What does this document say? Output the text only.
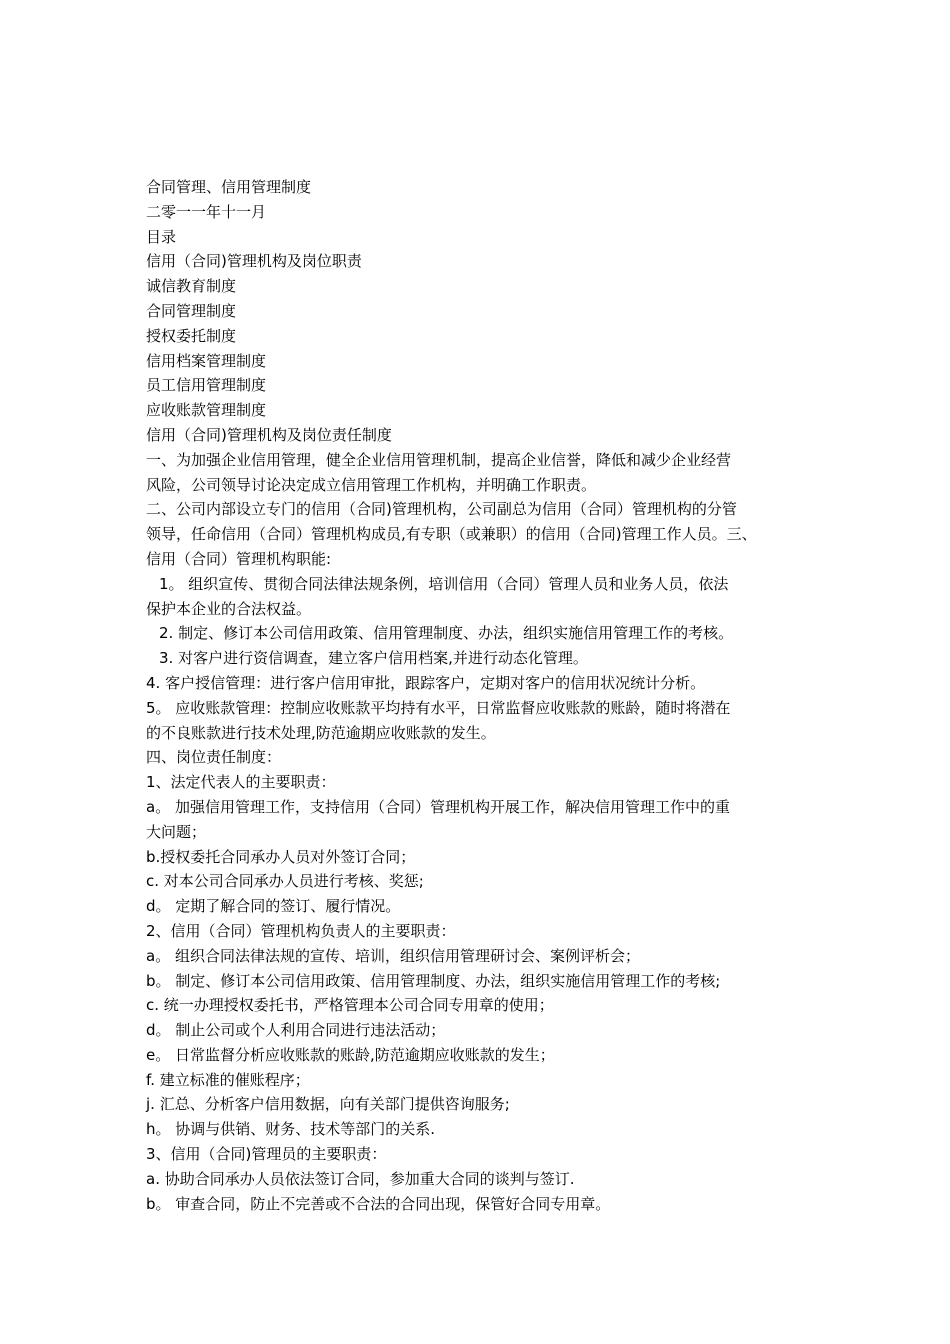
合同管理、信用管理制度
二零一一年十一月
目录
信用（合同)管理机构及岗位职责
诚信教育制度
合同管理制度
授权委托制度
信用档案管理制度
员工信用管理制度
应收账款管理制度
信用（合同)管理机构及岗位责任制度
一、为加强企业信用管理，健全企业信用管理机制，提高企业信誉，降低和减少企业经营
风险，公司领导讨论决定成立信用管理工作机构，并明确工作职责。
二、公司内部设立专门的信用（合同)管理机构，公司副总为信用（合同）管理机构的分管
领导，任命信用（合同）管理机构成员,有专职（或兼职）的信用（合同)管理工作人员。三、
信用（合同）管理机构职能:
1。 组织宣传、贯彻合同法律法规条例，培训信用（合同）管理人员和业务人员，依法
保护本企业的合法权益。
2. 制定、修订本公司信用政策、信用管理制度、办法，组织实施信用管理工作的考核。
3. 对客户进行资信调查，建立客户信用档案,并进行动态化管理。
4. 客户授信管理：进行客户信用审批，跟踪客户，定期对客户的信用状况统计分析。
5。 应收账款管理：控制应收账款平均持有水平，日常监督应收账款的账龄，随时将潜在
的不良账款进行技术处理,防范逾期应收账款的发生。
四、岗位责任制度：
1、法定代表人的主要职责：
a。 加强信用管理工作，支持信用（合同）管理机构开展工作，解决信用管理工作中的重
大问题；
b.授权委托合同承办人员对外签订合同；
c. 对本公司合同承办人员进行考核、奖惩;
d。 定期了解合同的签订、履行情况。
2、信用（合同）管理机构负责人的主要职责：
a。 组织合同法律法规的宣传、培训，组织信用管理研讨会、案例评析会；
b。 制定、修订本公司信用政策、信用管理制度、办法，组织实施信用管理工作的考核;
c. 统一办理授权委托书，严格管理本公司合同专用章的使用；
d。 制止公司或个人利用合同进行违法活动；
e。 日常监督分析应收账款的账龄,防范逾期应收账款的发生；
f. 建立标准的催账程序；
j. 汇总、分析客户信用数据，向有关部门提供咨询服务;
h。 协调与供销、财务、技术等部门的关系.
3、信用（合同)管理员的主要职责：
a. 协助合同承办人员依法签订合同，参加重大合同的谈判与签订.
b。 审查合同，防止不完善或不合法的合同出现，保管好合同专用章。
